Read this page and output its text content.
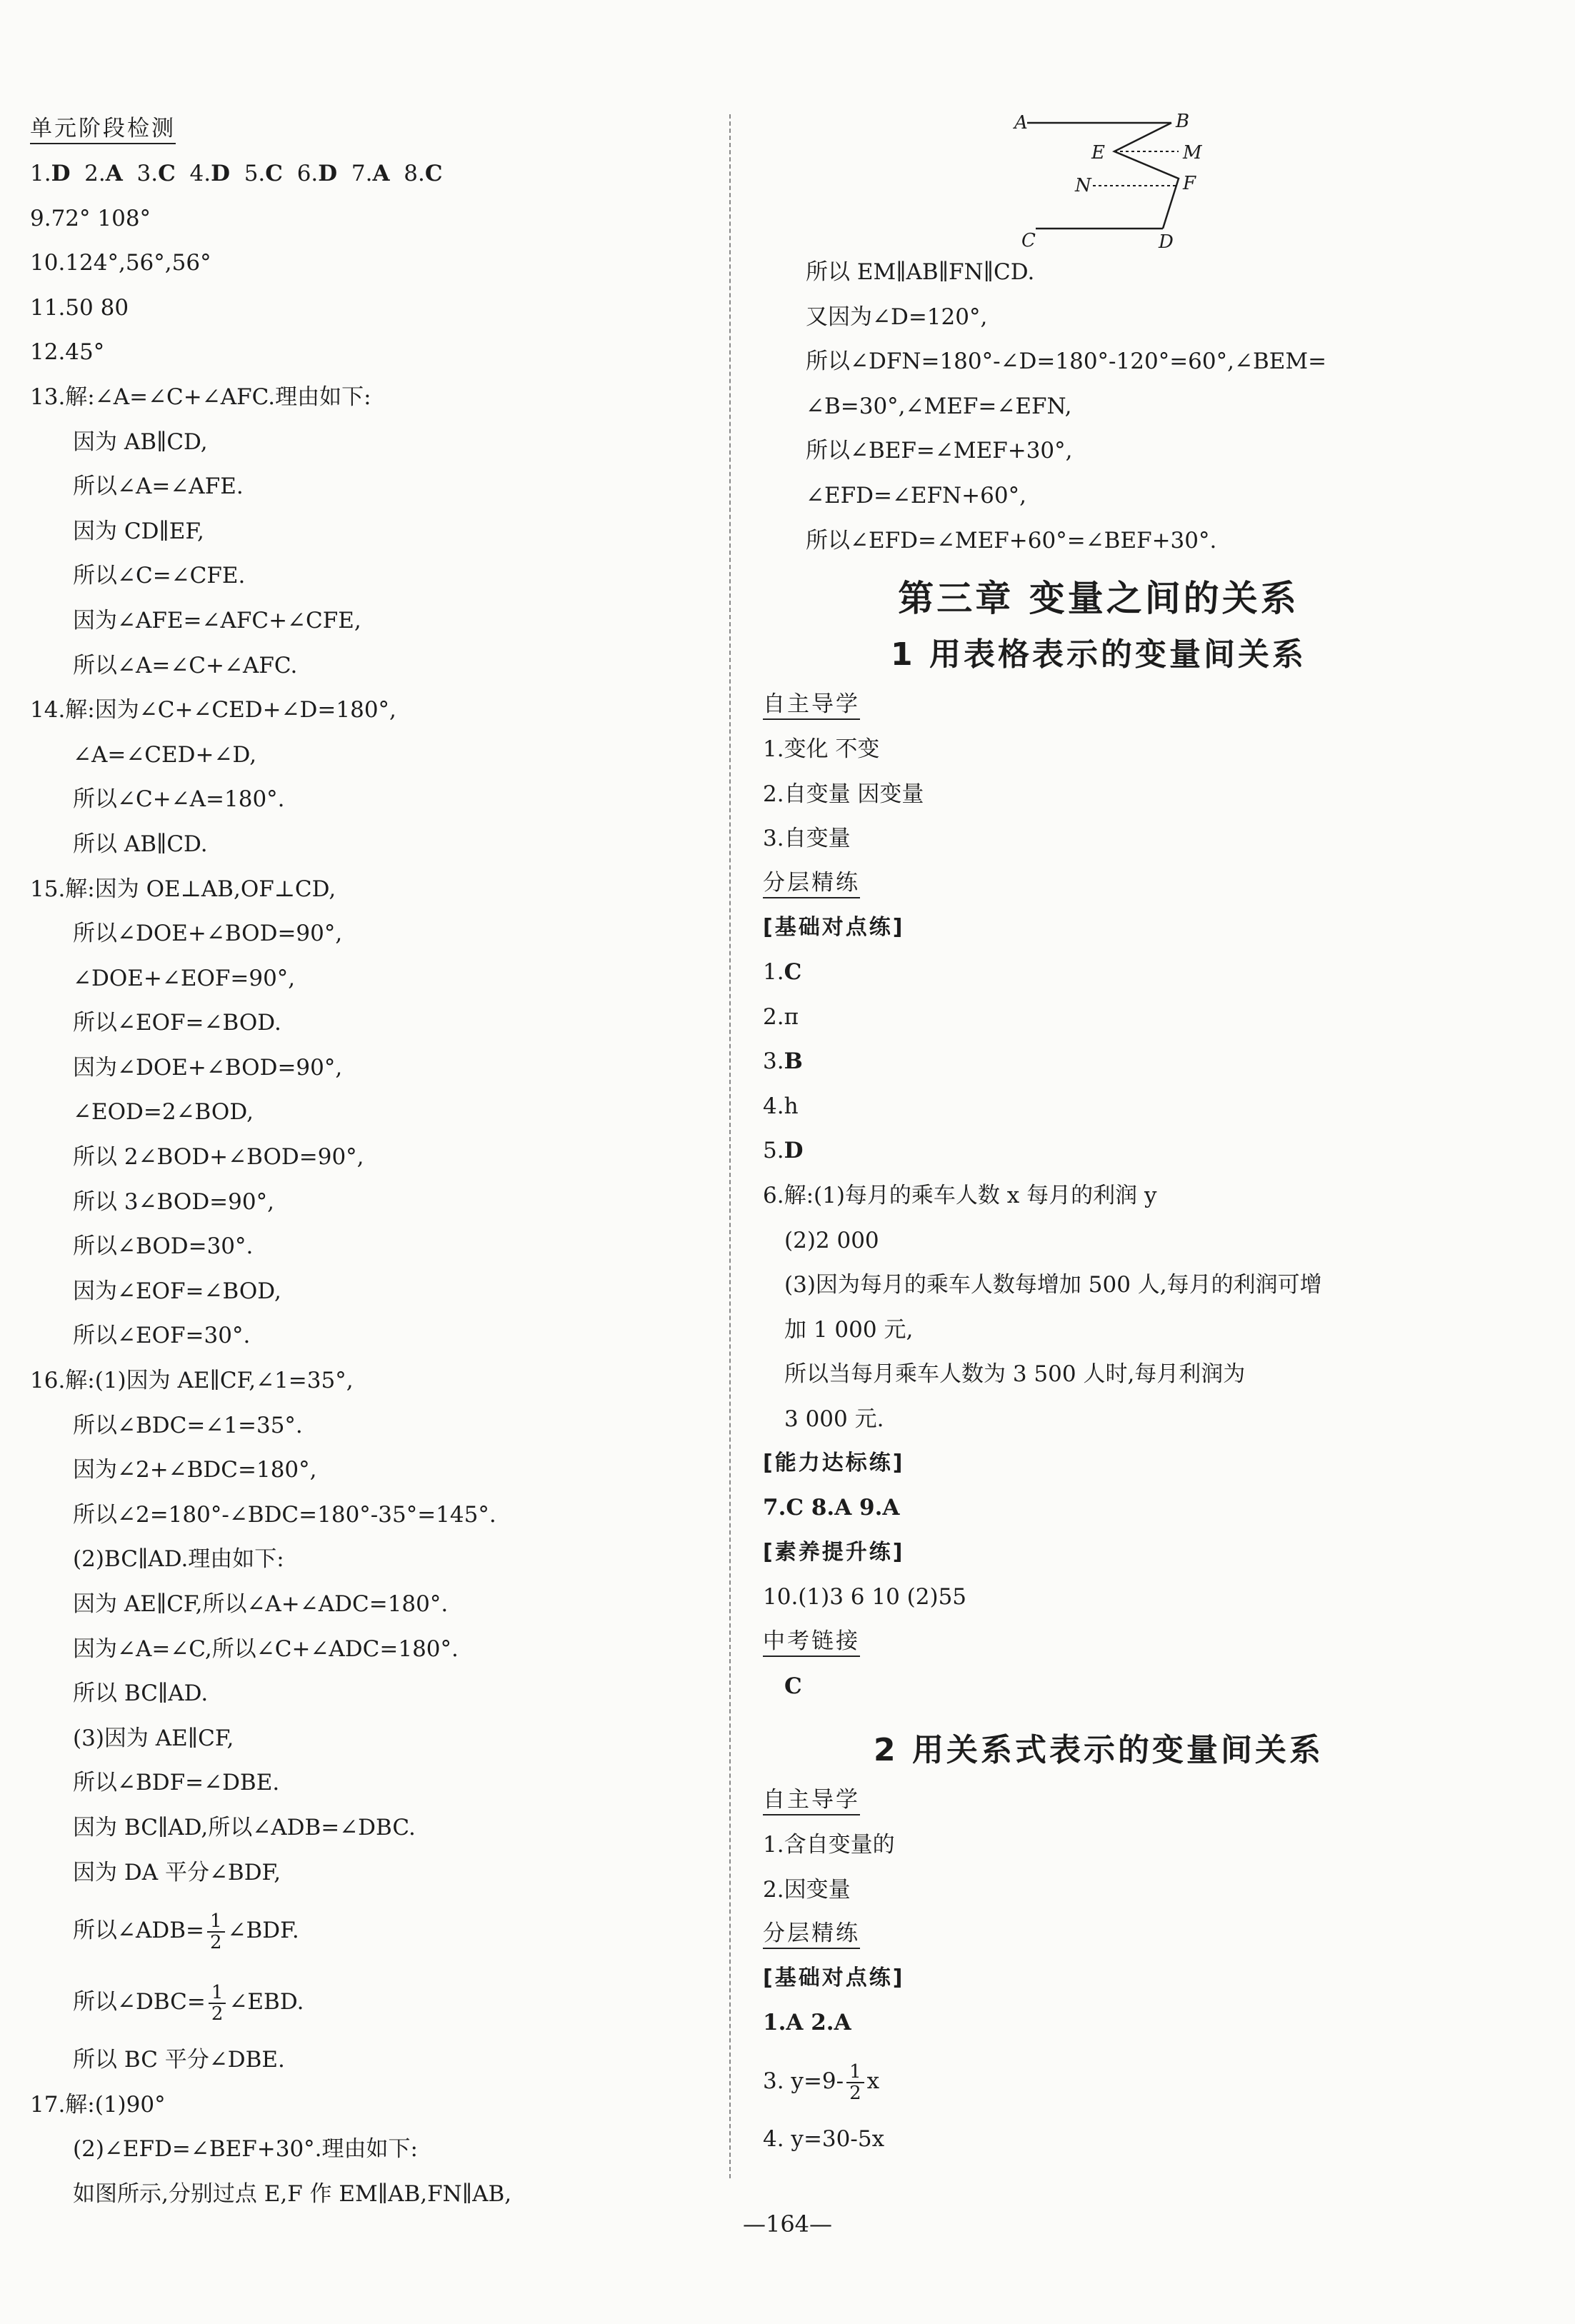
单元阶段检测
1.D  2.A  3.C  4.D  5.C  6.D  7.A  8.C
9.72° 108°
10.124°,56°,56°
11.50 80
12.45°
13.解:∠A=∠C+∠AFC.理由如下:
因为 AB∥CD,
所以∠A=∠AFE.
因为 CD∥EF,
所以∠C=∠CFE.
因为∠AFE=∠AFC+∠CFE,
所以∠A=∠C+∠AFC.
14.解:因为∠C+∠CED+∠D=180°,
∠A=∠CED+∠D,
所以∠C+∠A=180°.
所以 AB∥CD.
15.解:因为 OE⊥AB,OF⊥CD,
所以∠DOE+∠BOD=90°,
∠DOE+∠EOF=90°,
所以∠EOF=∠BOD.
因为∠DOE+∠BOD=90°,
∠EOD=2∠BOD,
所以 2∠BOD+∠BOD=90°,
所以 3∠BOD=90°,
所以∠BOD=30°.
因为∠EOF=∠BOD,
所以∠EOF=30°.
16.解:(1)因为 AE∥CF,∠1=35°,
所以∠BDC=∠1=35°.
因为∠2+∠BDC=180°,
所以∠2=180°-∠BDC=180°-35°=145°.
(2)BC∥AD.理由如下:
因为 AE∥CF,所以∠A+∠ADC=180°.
因为∠A=∠C,所以∠C+∠ADC=180°.
所以 BC∥AD.
(3)因为 AE∥CF,
所以∠BDF=∠DBE.
因为 BC∥AD,所以∠ADB=∠DBC.
因为 DA 平分∠BDF,
所以∠ADB= $\frac{1}{2}$ ∠BDF.
所以∠DBC= $\frac{1}{2}$ ∠EBD.
所以 BC 平分∠DBE.
17.解:(1)90°
(2)∠EFD=∠BEF+30°.理由如下:
如图所示,分别过点 E,F 作 EM∥AB,FN∥AB,
A	B
E	M
N	F
C	D
所以 EM∥AB∥FN∥CD.
又因为∠D=120°,
所以∠DFN=180°-∠D=180°-120°=60°,∠BEM=
∠B=30°,∠MEF=∠EFN,
所以∠BEF=∠MEF+30°,
∠EFD=∠EFN+60°,
所以∠EFD=∠MEF+60°=∠BEF+30°.
第三章 变量之间的关系
1 用表格表示的变量间关系
自主导学
1.变化 不变
2.自变量 因变量
3.自变量
分层精练
[基础对点练]
1.C
2.π
3.B
4.h
5.D
6.解:(1)每月的乘车人数 x 每月的利润 y
(2)2 000
(3)因为每月的乘车人数每增加 500 人,每月的利润可增
加 1 000 元,
所以当每月乘车人数为 3 500 人时,每月利润为
3 000 元.
[能力达标练]
7.C 8.A 9.A
[素养提升练]
10.(1)3 6 10 (2)55
中考链接
C
2 用关系式表示的变量间关系
自主导学
1.含自变量的
2.因变量
分层精练
[基础对点练]
1.A 2.A
3. $y=9- \frac{1}{2}$ x
4. y=30-5x
—164—
